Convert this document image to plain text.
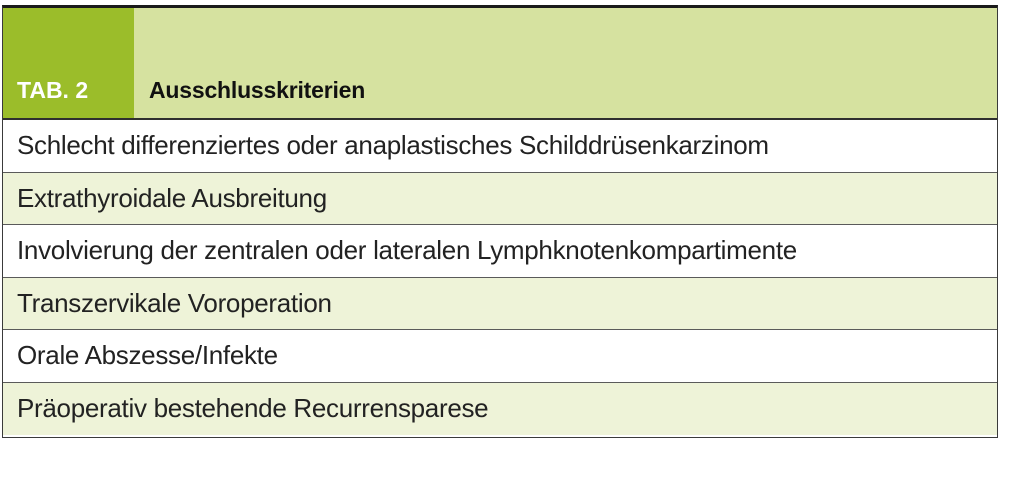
TAB. 2	Ausschlusskriterien
Schlecht differenziertes oder anaplastisches Schilddrüsenkarzinom
Extrathyroidale Ausbreitung
Involvierung der zentralen oder lateralen Lymphknotenkompartimente
Transzervikale Voroperation
Orale Abszesse/Infekte
Präoperativ bestehende Recurrensparese
